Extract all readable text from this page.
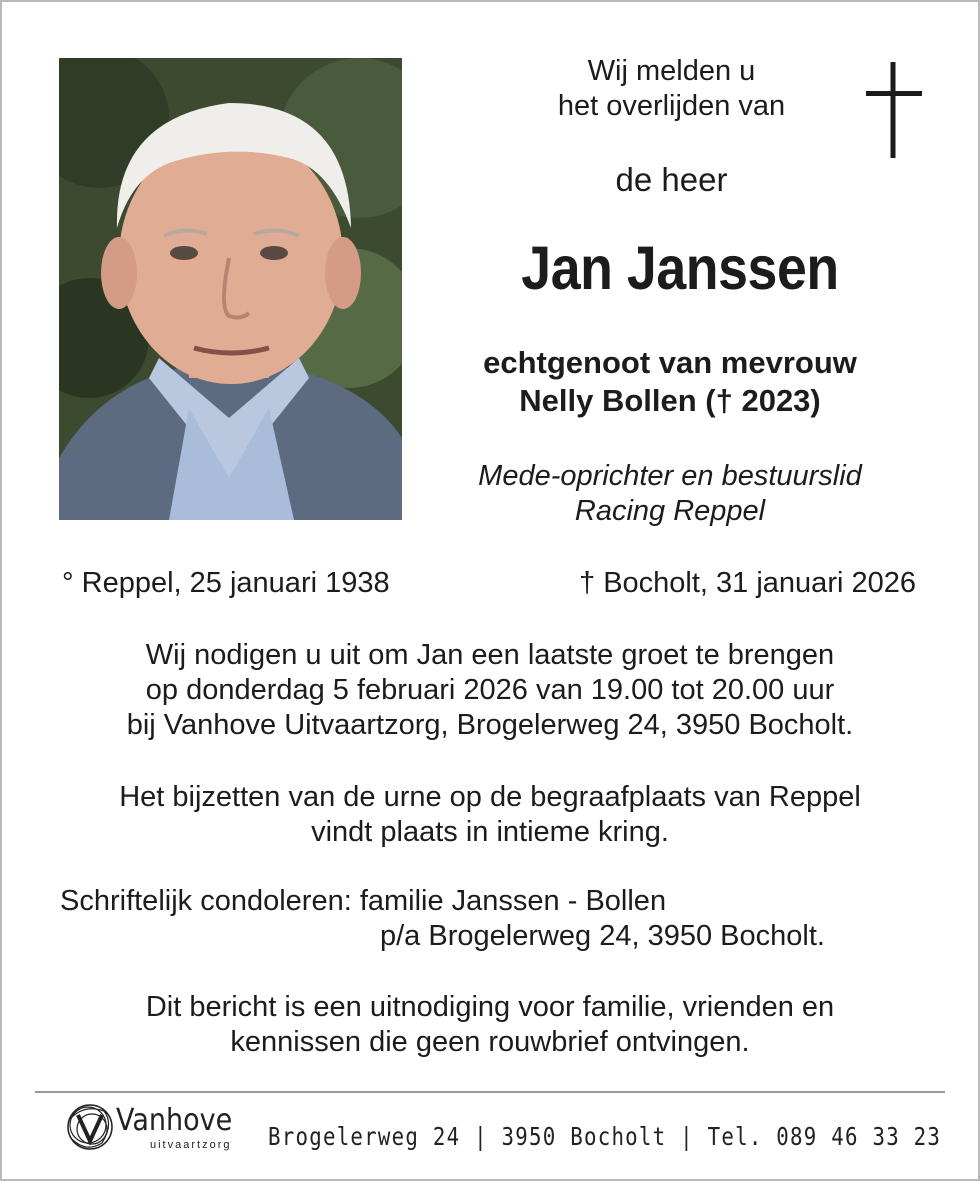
Wij melden u
het overlijden van
de heer
Jan Janssen
echtgenoot van mevrouw
Nelly Bollen († 2023)
Mede-oprichter en bestuurslid
Racing Reppel
° Reppel, 25 januari 1938	† Bocholt, 31 januari 2026
Wij nodigen u uit om Jan een laatste groet te brengen
op donderdag 5 februari 2026 van 19.00 tot 20.00 uur
bij Vanhove Uitvaartzorg, Brogelerweg 24, 3950 Bocholt.
Het bijzetten van de urne op de begraafplaats van Reppel
vindt plaats in intieme kring.
Schriftelijk condoleren: familie Janssen - Bollen
p/a Brogelerweg 24, 3950 Bocholt.
Dit bericht is een uitnodiging voor familie, vrienden en
kennissen die geen rouwbrief ontvingen.
Vanhove
uitvaartzorg Brogelerweg 24 | 3950 Bocholt | Tel. 089 46 33 23
